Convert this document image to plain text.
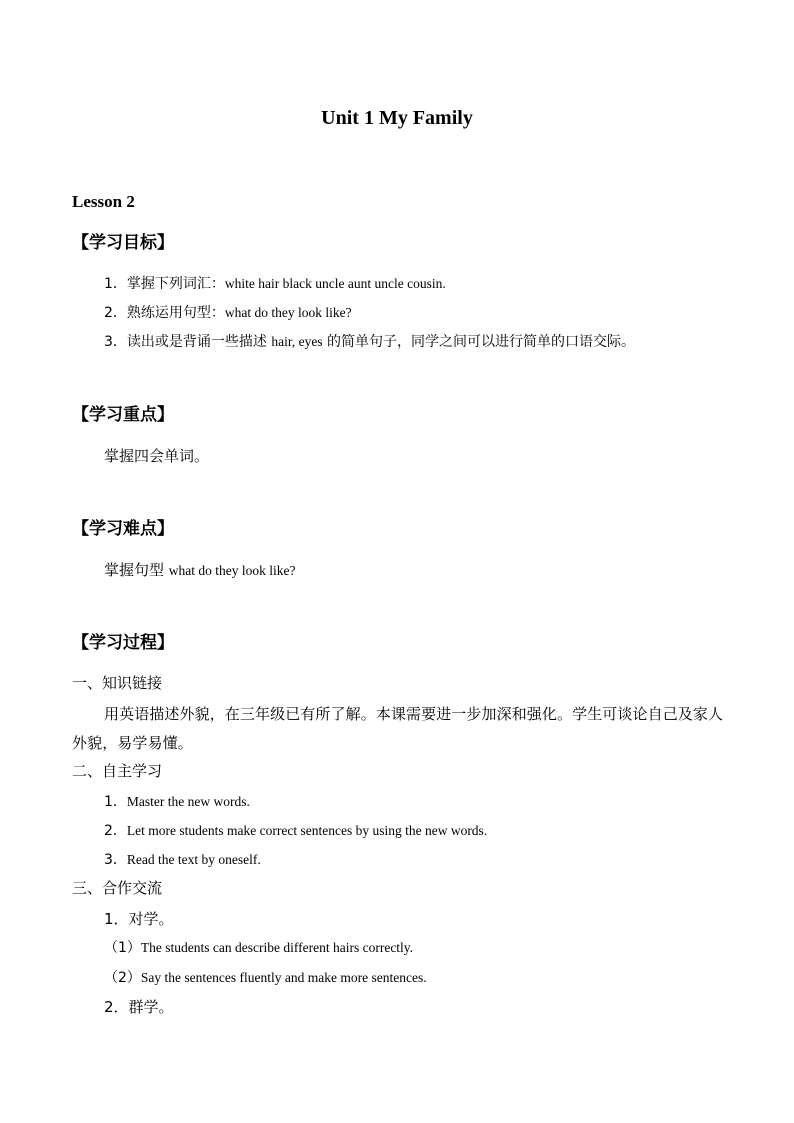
Unit 1 My Family
Lesson 2
【学习目标】
1．掌握下列词汇：white hair black uncle aunt uncle cousin.
2．熟练运用句型：what do they look like?
3．读出或是背诵一些描述 hair, eyes 的简单句子，同学之间可以进行简单的口语交际。
【学习重点】
掌握四会单词。
【学习难点】
掌握句型 what do they look like?
【学习过程】
一、知识链接
用英语描述外貌，在三年级已有所了解。本课需要进一步加深和强化。学生可谈论自己及家人外貌，易学易懂。
二、自主学习
1．Master the new words.
2．Let more students make correct sentences by using the new words.
3．Read the text by oneself.
三、合作交流
1．对学。
（1）The students can describe different hairs correctly.
（2）Say the sentences fluently and make more sentences.
2．群学。
